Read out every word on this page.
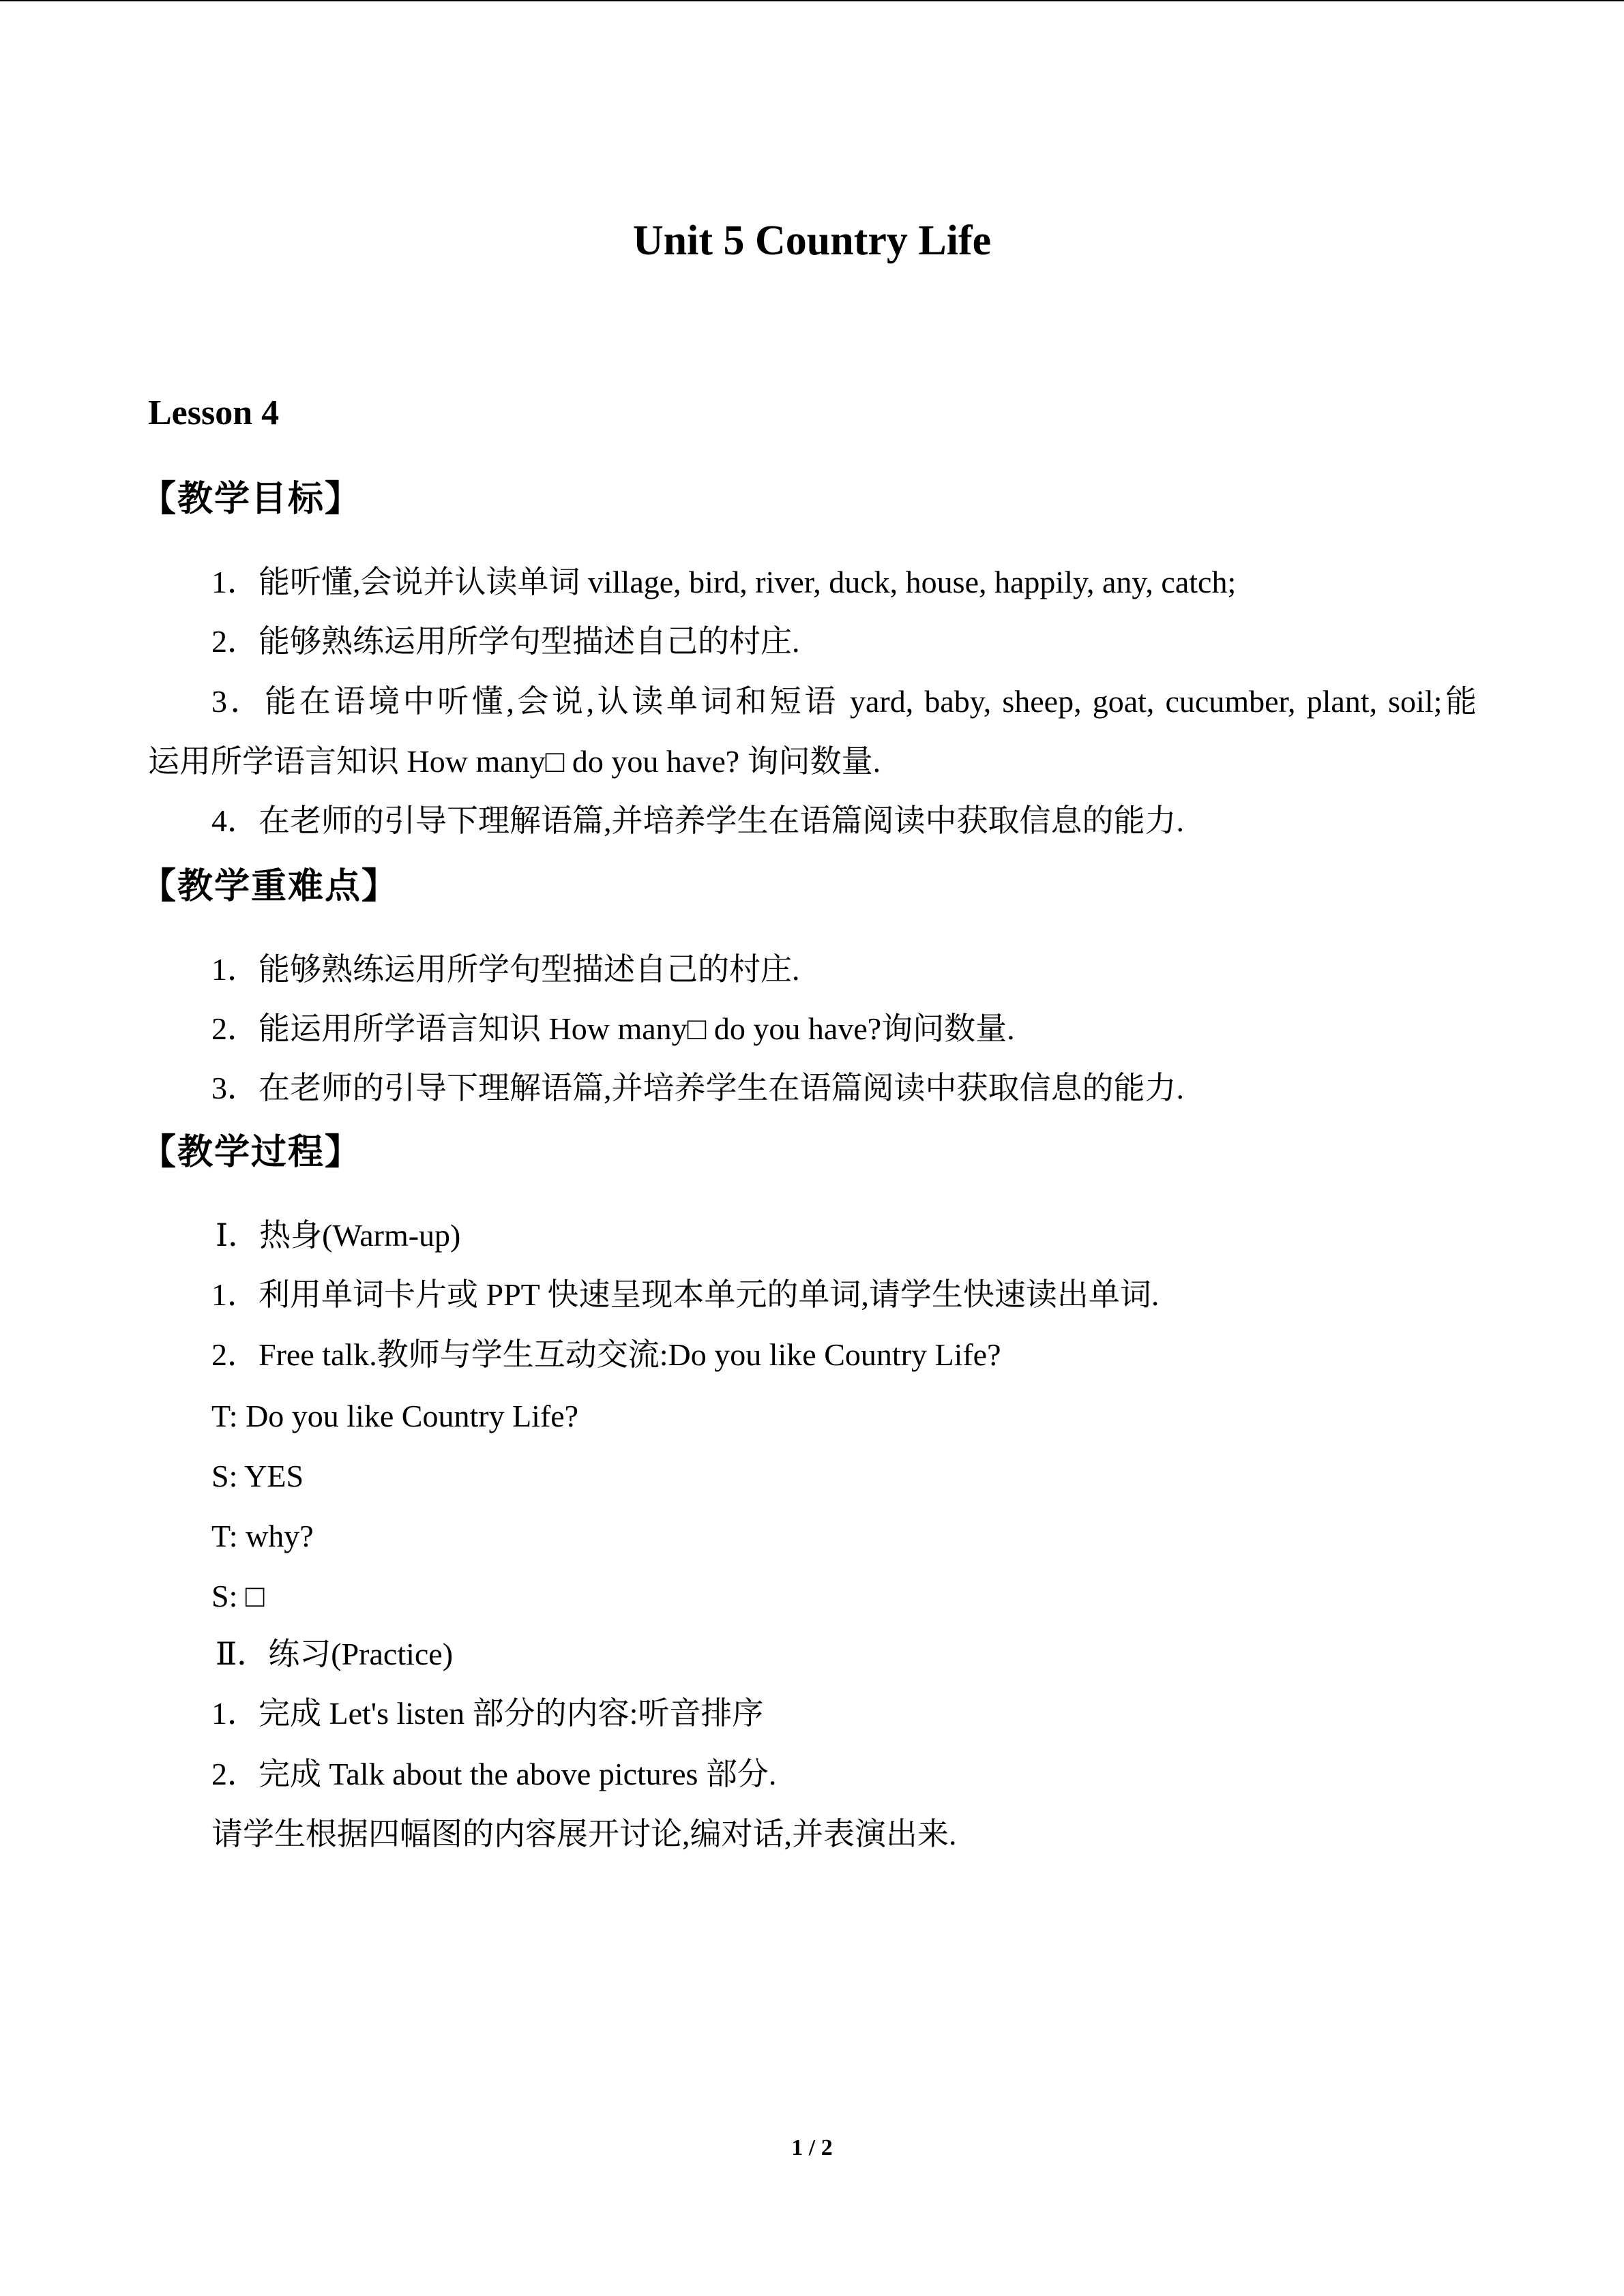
Unit 5 Country Life
Lesson 4
【教学目标】
1．能听懂,会说并认读单词 village, bird, river, duck, house, happily, any, catch;
2．能够熟练运用所学句型描述自己的村庄.
3．能在语境中听懂,会说,认读单词和短语 yard, baby, sheep, goat, cucumber, plant, soil;能
运用所学语言知识 How many□ do you have? 询问数量.
4．在老师的引导下理解语篇,并培养学生在语篇阅读中获取信息的能力.
【教学重难点】
1．能够熟练运用所学句型描述自己的村庄.
2．能运用所学语言知识 How many□ do you have?询问数量.
3．在老师的引导下理解语篇,并培养学生在语篇阅读中获取信息的能力.
【教学过程】
Ⅰ．热身(Warm-up)
1．利用单词卡片或 PPT 快速呈现本单元的单词,请学生快速读出单词.
2．Free talk.教师与学生互动交流:Do you like Country Life?
T: Do you like Country Life?
S: YES
T: why?
S: □
Ⅱ．练习(Practice)
1．完成 Let's listen 部分的内容:听音排序
2．完成 Talk about the above pictures 部分.
请学生根据四幅图的内容展开讨论,编对话,并表演出来.
1 / 2
